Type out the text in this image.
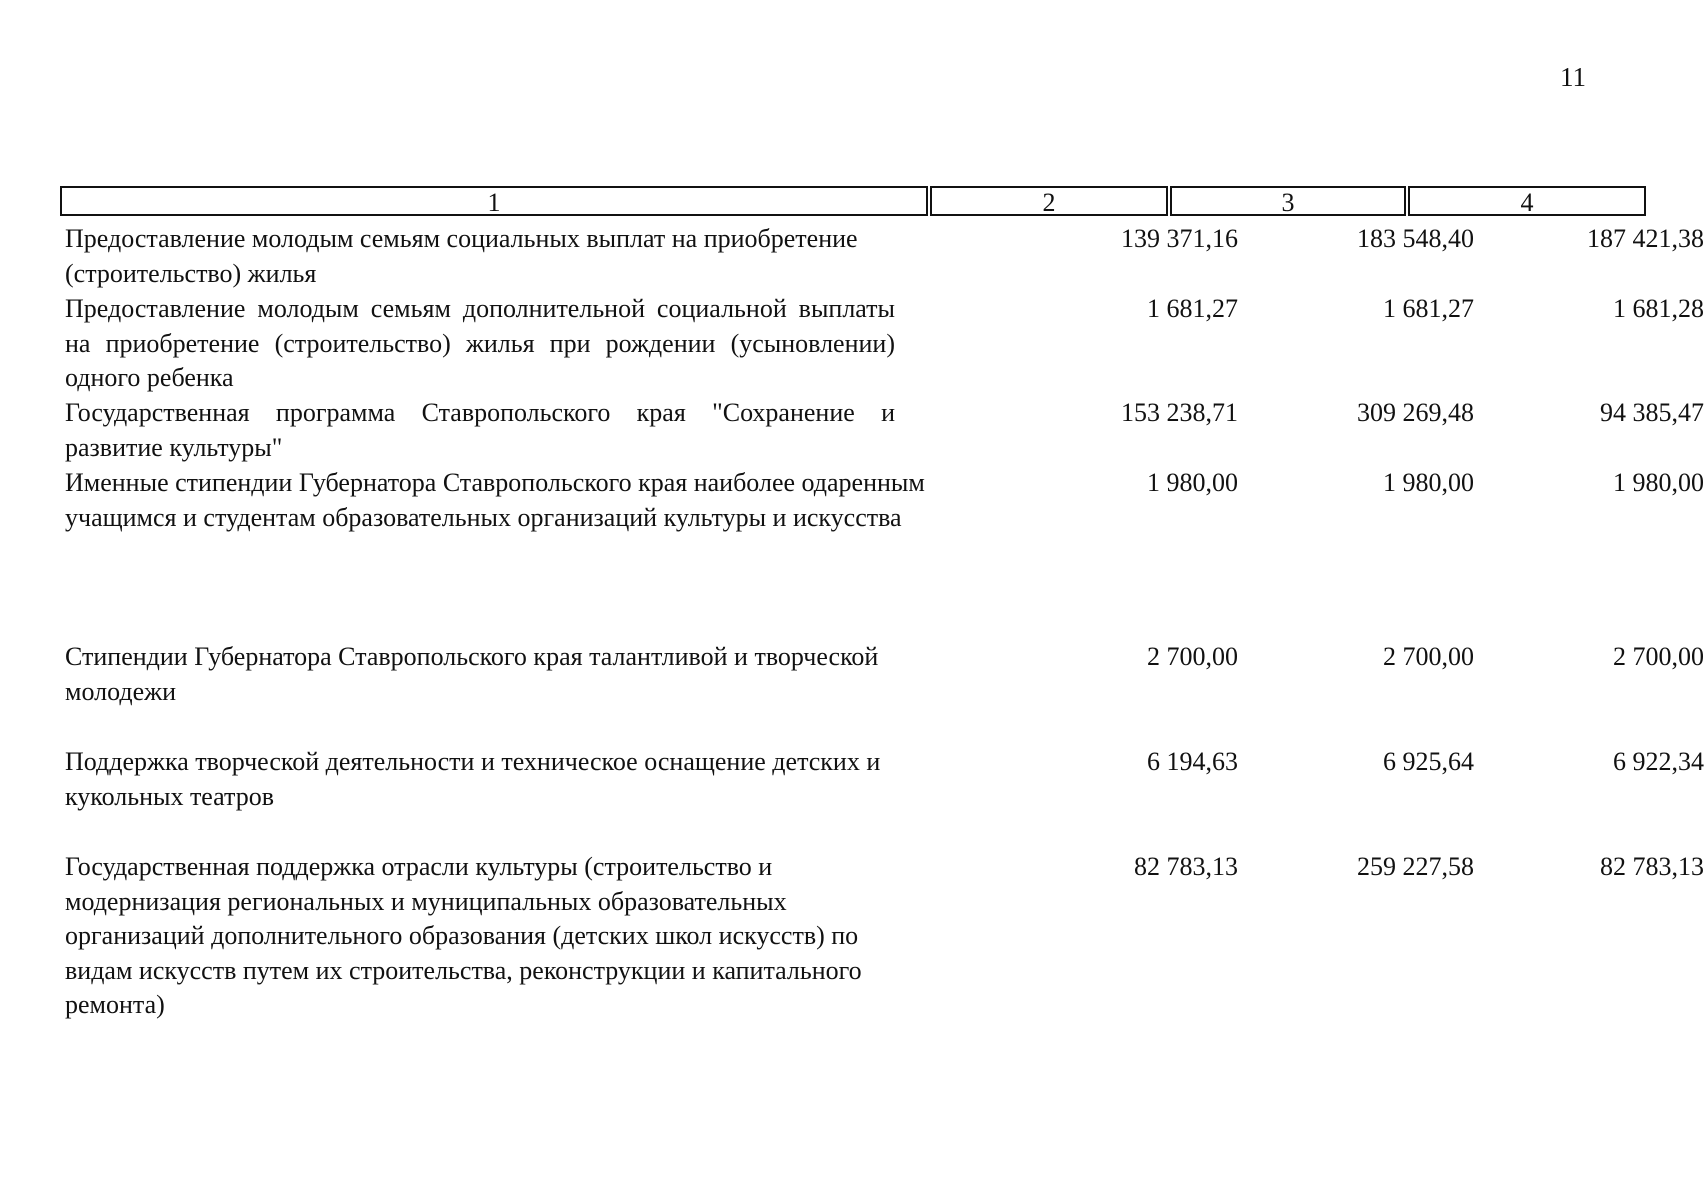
11
1	2	3	4
Предоставление молодым семьям социальных выплат на приобретение (строительство) жилья
139 371,16	183 548,40	187 421,38
Предоставление молодым семьям дополнительной социальной выплаты на приобретение (строительство) жилья при рождении (усыновлении) одного ребенка
1 681,27	1 681,27	1 681,28
Государственная программа Ставропольского края "Сохранение и развитие культуры"
153 238,71	309 269,48	94 385,47
Именные стипендии Губернатора Ставропольского края наиболее одаренным учащимся и студентам образовательных организаций культуры и искусства
1 980,00	1 980,00	1 980,00
Стипендии Губернатора Ставропольского края талантливой и творческой молодежи
2 700,00	2 700,00	2 700,00
Поддержка творческой деятельности и техническое оснащение детских и кукольных театров
6 194,63	6 925,64	6 922,34
Государственная поддержка отрасли культуры (строительство и модернизация региональных и муниципальных образовательных организаций дополнительного образования (детских школ искусств) по видам искусств путем их строительства, реконструкции и капитального ремонта)
82 783,13	259 227,58	82 783,13
